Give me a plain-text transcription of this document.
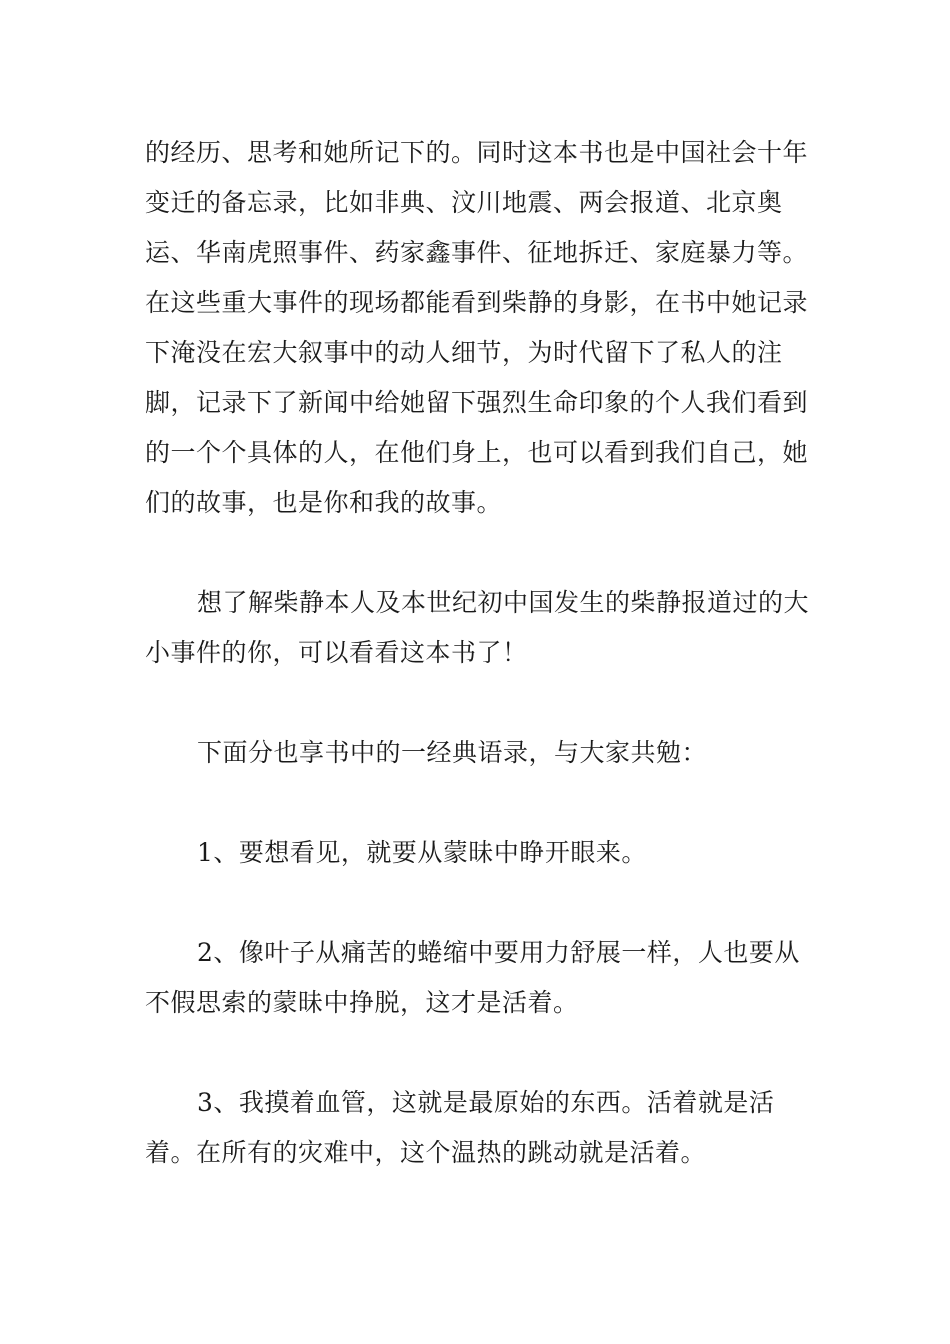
的经历、思考和她所记下的。同时这本书也是中国社会十年变迁的备忘录，比如非典、汶川地震、两会报道、北京奥运、华南虎照事件、药家鑫事件、征地拆迁、家庭暴力等。在这些重大事件的现场都能看到柴静的身影，在书中她记录下淹没在宏大叙事中的动人细节，为时代留下了私人的注脚，记录下了新闻中给她留下强烈生命印象的个人我们看到的一个个具体的人，在他们身上，也可以看到我们自己，她们的故事，也是你和我的故事。

想了解柴静本人及本世纪初中国发生的柴静报道过的大小事件的你，可以看看这本书了！

下面分也享书中的一经典语录，与大家共勉：

1、要想看见，就要从蒙昧中睁开眼来。

2、像叶子从痛苦的蜷缩中要用力舒展一样，人也要从不假思索的蒙昧中挣脱，这才是活着。

3、我摸着血管，这就是最原始的东西。活着就是活着。在所有的灾难中，这个温热的跳动就是活着。
